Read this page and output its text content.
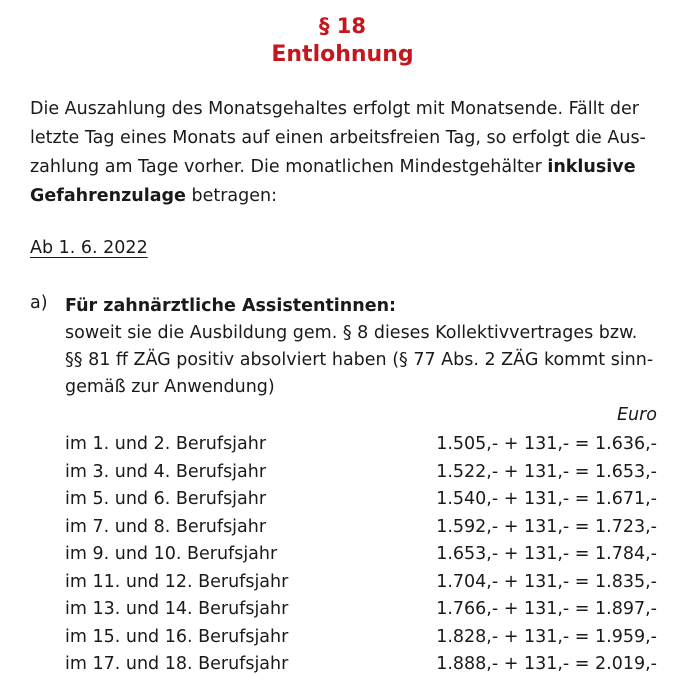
§ 18
Entlohnung
Die Auszahlung des Monatsgehaltes erfolgt mit Monatsende. Fällt der
letzte Tag eines Monats auf einen arbeitsfreien Tag, so erfolgt die Aus-
zahlung am Tage vorher. Die monatlichen Mindestgehälter inklusive
Gefahrenzulage betragen:
Ab 1. 6. 2022
a) Für zahnärztliche Assistentinnen:
soweit sie die Ausbildung gem. § 8 dieses Kollektivvertrages bzw.
§§ 81 ff ZÄG positiv absolviert haben (§ 77 Abs. 2 ZÄG kommt sinn-
gemäß zur Anwendung)
Euro
im 1. und 2. Berufsjahr	1.505,- + 131,- = 1.636,-
im 3. und 4. Berufsjahr	1.522,- + 131,- = 1.653,-
im 5. und 6. Berufsjahr	1.540,- + 131,- = 1.671,-
im 7. und 8. Berufsjahr	1.592,- + 131,- = 1.723,-
im 9. und 10. Berufsjahr	1.653,- + 131,- = 1.784,-
im 11. und 12. Berufsjahr	1.704,- + 131,- = 1.835,-
im 13. und 14. Berufsjahr	1.766,- + 131,- = 1.897,-
im 15. und 16. Berufsjahr	1.828,- + 131,- = 1.959,-
im 17. und 18. Berufsjahr	1.888,- + 131,- = 2.019,-
